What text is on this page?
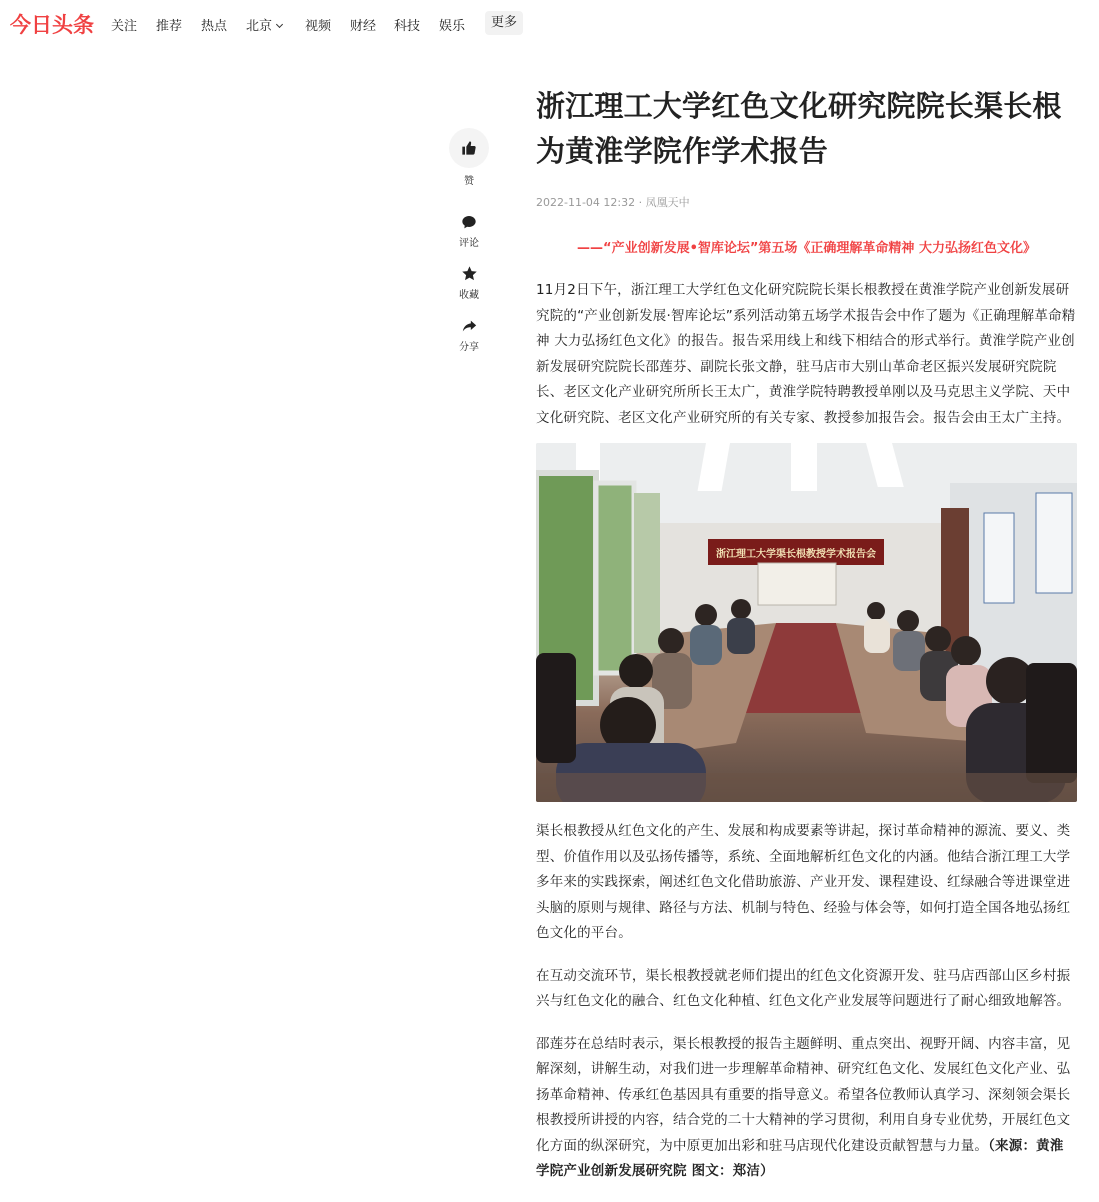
今日头条 关注 推荐 热点 北京	视频 财经 科技 娱乐	更多
赞
评论
收藏
分享
浙江理工大学红色文化研究院院长渠长根为黄淮学院作学术报告
2022-11-04 12:32 · 凤凰天中
——“产业创新发展•智库论坛”第五场《正确理解革命精神 大力弘扬红色文化》

11月2日下午，浙江理工大学红色文化研究院院长渠长根教授在黄淮学院产业创新发展研究院的“产业创新发展·智库论坛”系列活动第五场学术报告会中作了题为《正确理解革命精神 大力弘扬红色文化》的报告。报告采用线上和线下相结合的形式举行。黄淮学院产业创新发展研究院院长邵莲芬、副院长张文静，驻马店市大别山革命老区振兴发展研究院院长、老区文化产业研究所所长王太广，黄淮学院特聘教授单刚以及马克思主义学院、天中文化研究院、老区文化产业研究所的有关专家、教授参加报告会。报告会由王太广主持。

浙江理工大学渠长根教授学术报告会

渠长根教授从红色文化的产生、发展和构成要素等讲起，探讨革命精神的源流、要义、类型、价值作用以及弘扬传播等，系统、全面地解析红色文化的内涵。他结合浙江理工大学多年来的实践探索，阐述红色文化借助旅游、产业开发、课程建设、红绿融合等进课堂进头脑的原则与规律、路径与方法、机制与特色、经验与体会等，如何打造全国各地弘扬红色文化的平台。

在互动交流环节，渠长根教授就老师们提出的红色文化资源开发、驻马店西部山区乡村振兴与红色文化的融合、红色文化种植、红色文化产业发展等问题进行了耐心细致地解答。

邵莲芬在总结时表示，渠长根教授的报告主题鲜明、重点突出、视野开阔、内容丰富，见解深刻，讲解生动，对我们进一步理解革命精神、研究红色文化、发展红色文化产业、弘扬革命精神、传承红色基因具有重要的指导意义。希望各位教师认真学习、深刻领会渠长根教授所讲授的内容，结合党的二十大精神的学习贯彻，利用自身专业优势，开展红色文化方面的纵深研究，为中原更加出彩和驻马店现代化建设贡献智慧与力量。（来源：黄淮学院产业创新发展研究院 图文：郑洁）
